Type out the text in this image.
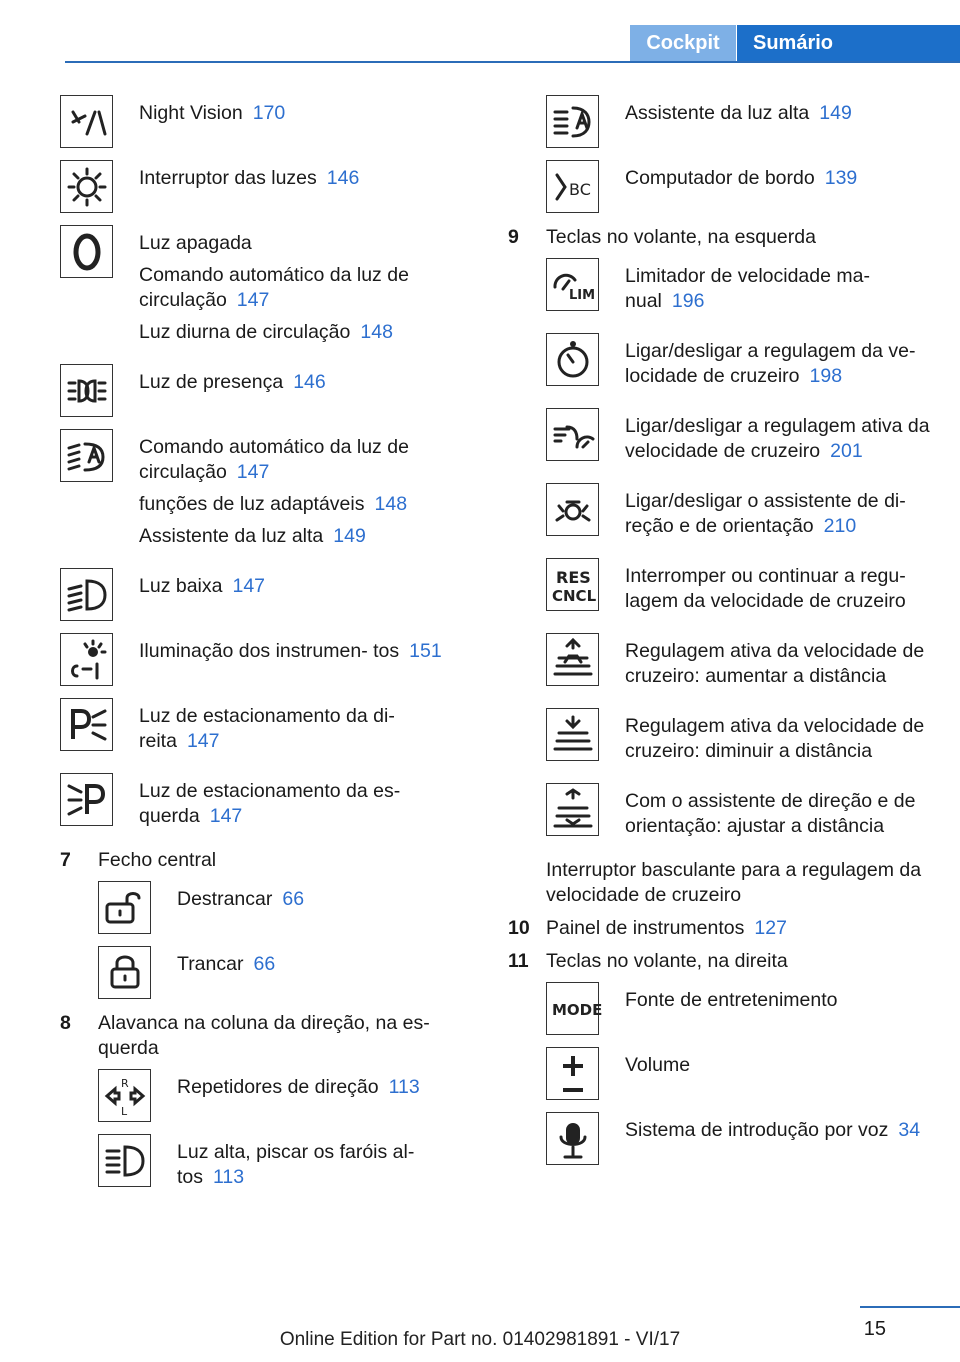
Cockpit	Sumário

Night Vision 170

Interruptor das luzes 146

Luz apagada

Comando automático da luz de circulação 147

Luz diurna de circulação 148

Luz de presença 146

Comando automático da luz de circulação 147

funções de luz adaptáveis 148

Assistente da luz alta 149

Luz baixa 147

Iluminação dos instrumen‐ tos 151

Luz de estacionamento da di‐ reita 147

Luz de estacionamento da es‐ querda 147

7	Fecho central

Destrancar 66

Trancar 66

8	Alavanca na coluna da direção, na es‐ querda
R
L

Repetidores de direção 113

Luz alta, piscar os faróis al‐ tos 113

Assistente da luz alta 149

BC Computador de bordo 139

9	Teclas no volante, na esquerda
LIM

Limitador de velocidade ma‐ nual 196

Ligar/desligar a regulagem da ve‐ locidade de cruzeiro 198

Ligar/desligar a regulagem ativa da velocidade de cruzeiro 201

Ligar/desligar o assistente de di‐ reção e de orientação 210

RES
CNCL

Interromper ou continuar a regu‐ lagem da velocidade de cruzeiro

Regulagem ativa da velocidade de cruzeiro: aumentar a distância

Regulagem ativa da velocidade de cruzeiro: diminuir a distância

Com o assistente de direção e de orientação: ajustar a distância

Interruptor basculante para a regulagem da velocidade de cruzeiro
10 Painel de instrumentos 127
11 Teclas no volante, na direita
MODE Fonte de entretenimento

Volume

Sistema de introdução por voz 34

15
Online Edition for Part no. 01402981891 - VI/17
